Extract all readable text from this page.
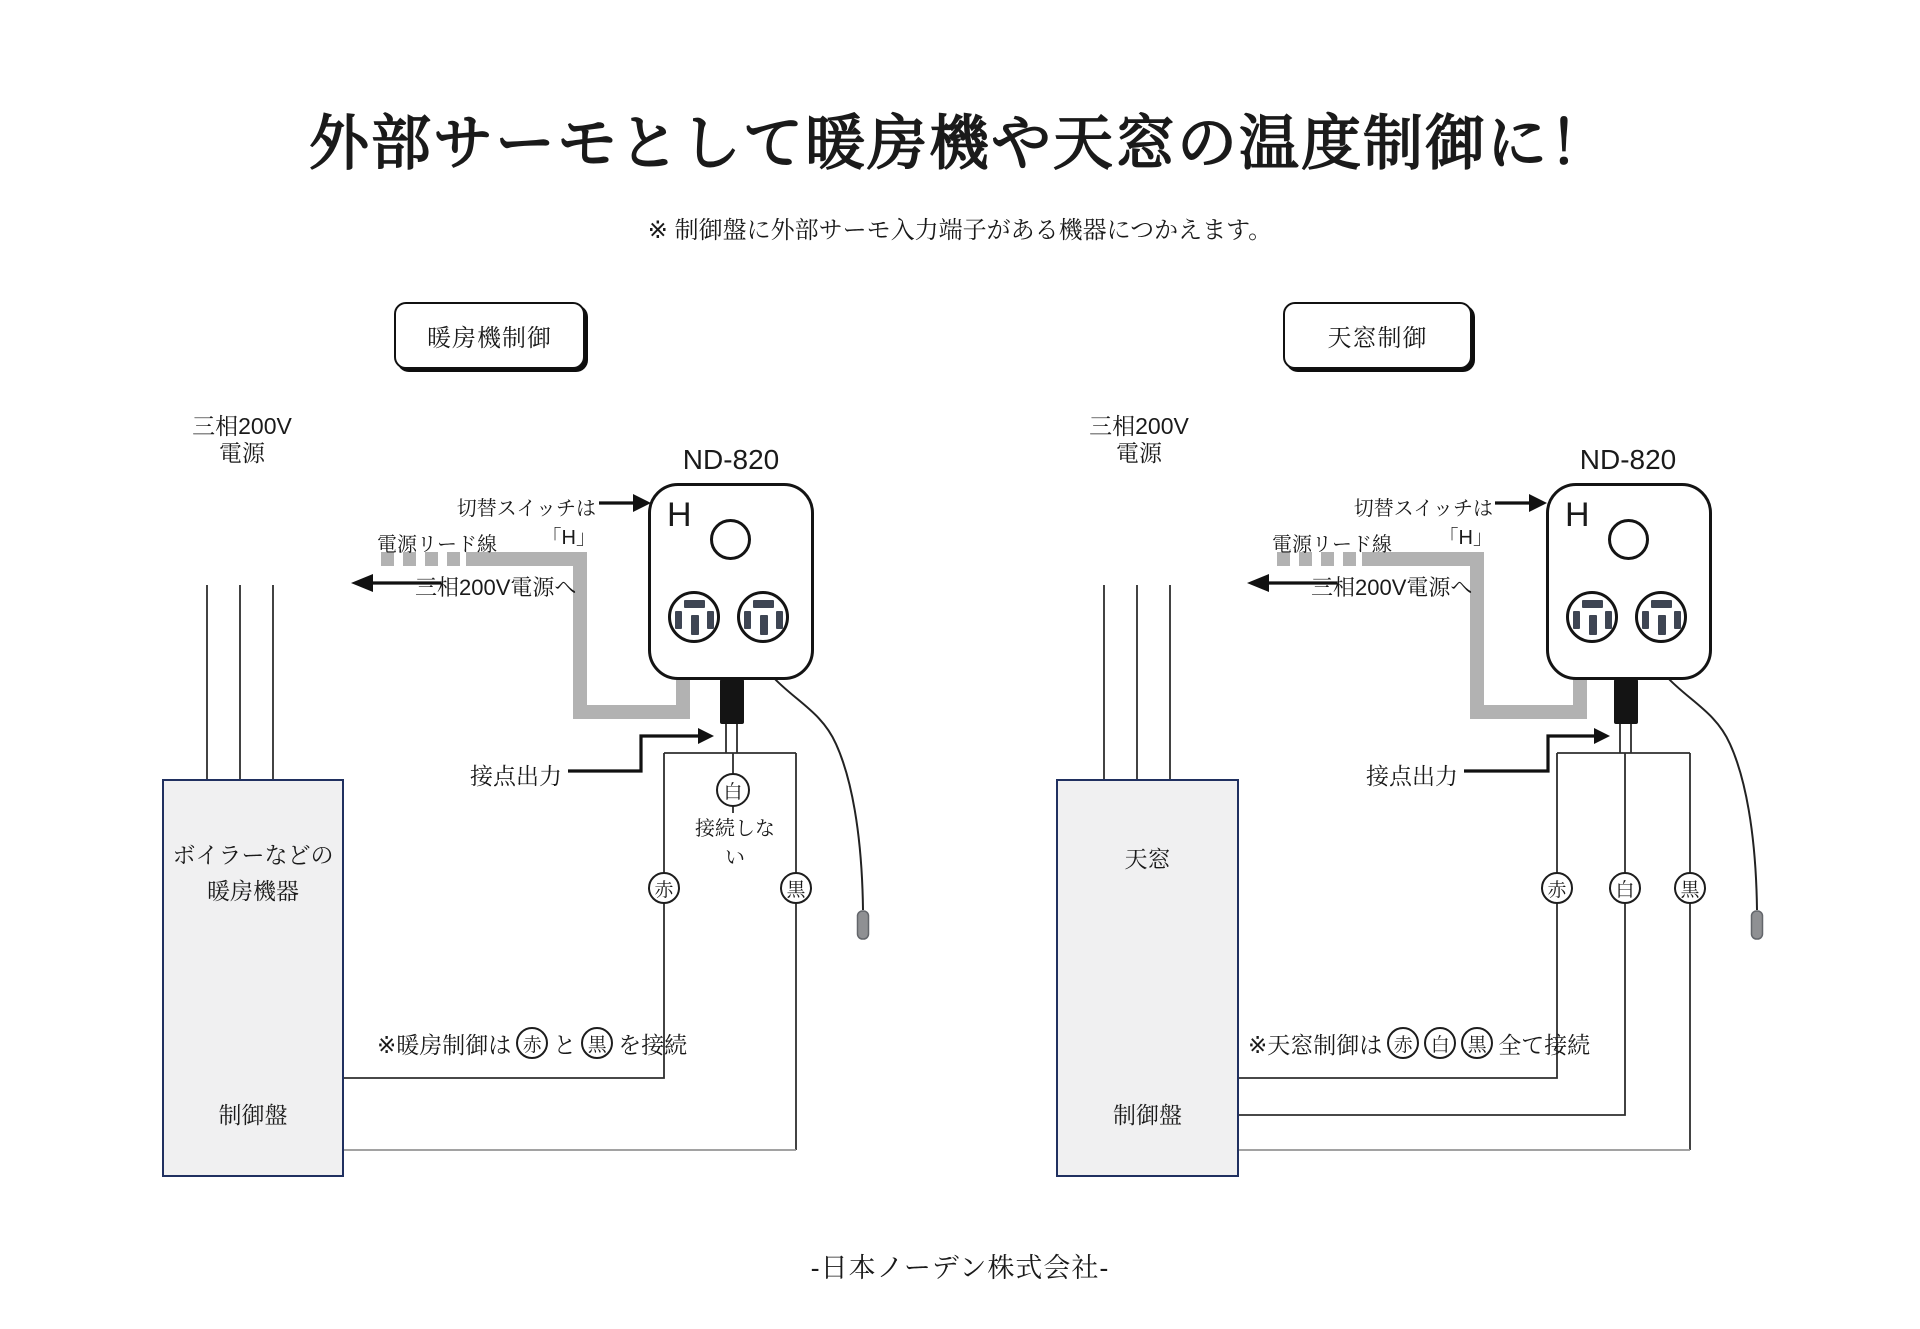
外部サーモとして暖房機や天窓の温度制御に！
※ 制御盤に外部サーモ入力端子がある機器につかえます。
暖房機制御	天窓制御
三相200V
電源
三相200V
電源
ボイラーなどの
暖房機器
制御盤
天窓
制御盤
ND-820	ND-820
H	H
切替スイッチは「H」
切替スイッチは「H」
電源リード線	電源リード線
三相200V電源へ	三相200V電源へ
接点出力	接点出力
白
接続しない
赤	黒	赤	白 黒
※暖房制御は 赤 と 黒 を接続	※天窓制御は 赤 白 黒 全て接続
-日本ノーデン株式会社-
